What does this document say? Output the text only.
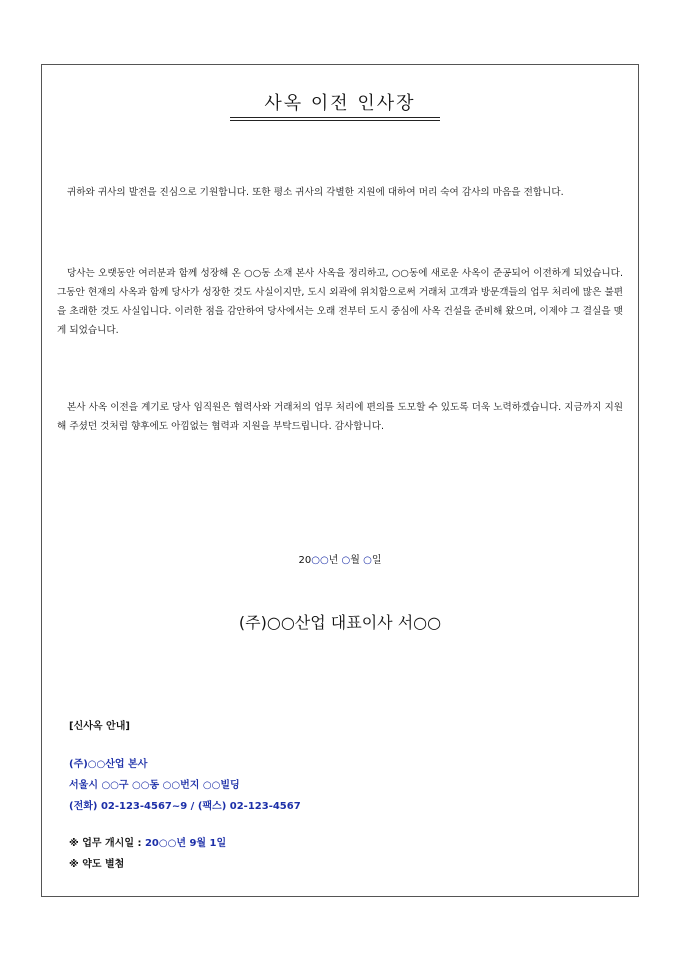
사옥 이전 인사장

귀하와 귀사의 발전을 진심으로 기원합니다. 또한 평소 귀사의 각별한 지원에 대하여 머리 숙여 감사의 마음을 전합니다.

당사는 오랫동안 여러분과 함께 성장해 온 ○○동 소재 본사 사옥을 정리하고, ○○동에 새로운 사옥이 준공되어 이전하게 되었습니다. 그동안 현재의 사옥과 함께 당사가 성장한 것도 사실이지만, 도시 외곽에 위치함으로써 거래처 고객과 방문객들의 업무 처리에 많은 불편을 초래한 것도 사실입니다. 이러한 점을 감안하여 당사에서는 오래 전부터 도시 중심에 사옥 건설을 준비해 왔으며, 이제야 그 결실을 맺게 되었습니다.

본사 사옥 이전을 계기로 당사 임직원은 협력사와 거래처의 업무 처리에 편의를 도모할 수 있도록 더욱 노력하겠습니다. 지금까지 지원해 주셨던 것처럼 향후에도 아낌없는 협력과 지원을 부탁드립니다. 감사합니다.

20○○년 ○월 ○일
(주)○○산업 대표이사 서○○
[신사옥 안내]
(주)○○산업 본사
서울시 ○○구 ○○동 ○○번지 ○○빌딩
(전화) 02-123-4567~9 / (팩스) 02-123-4567
※ 업무 개시일 : 20○○년 9월 1일
※ 약도 별첨
